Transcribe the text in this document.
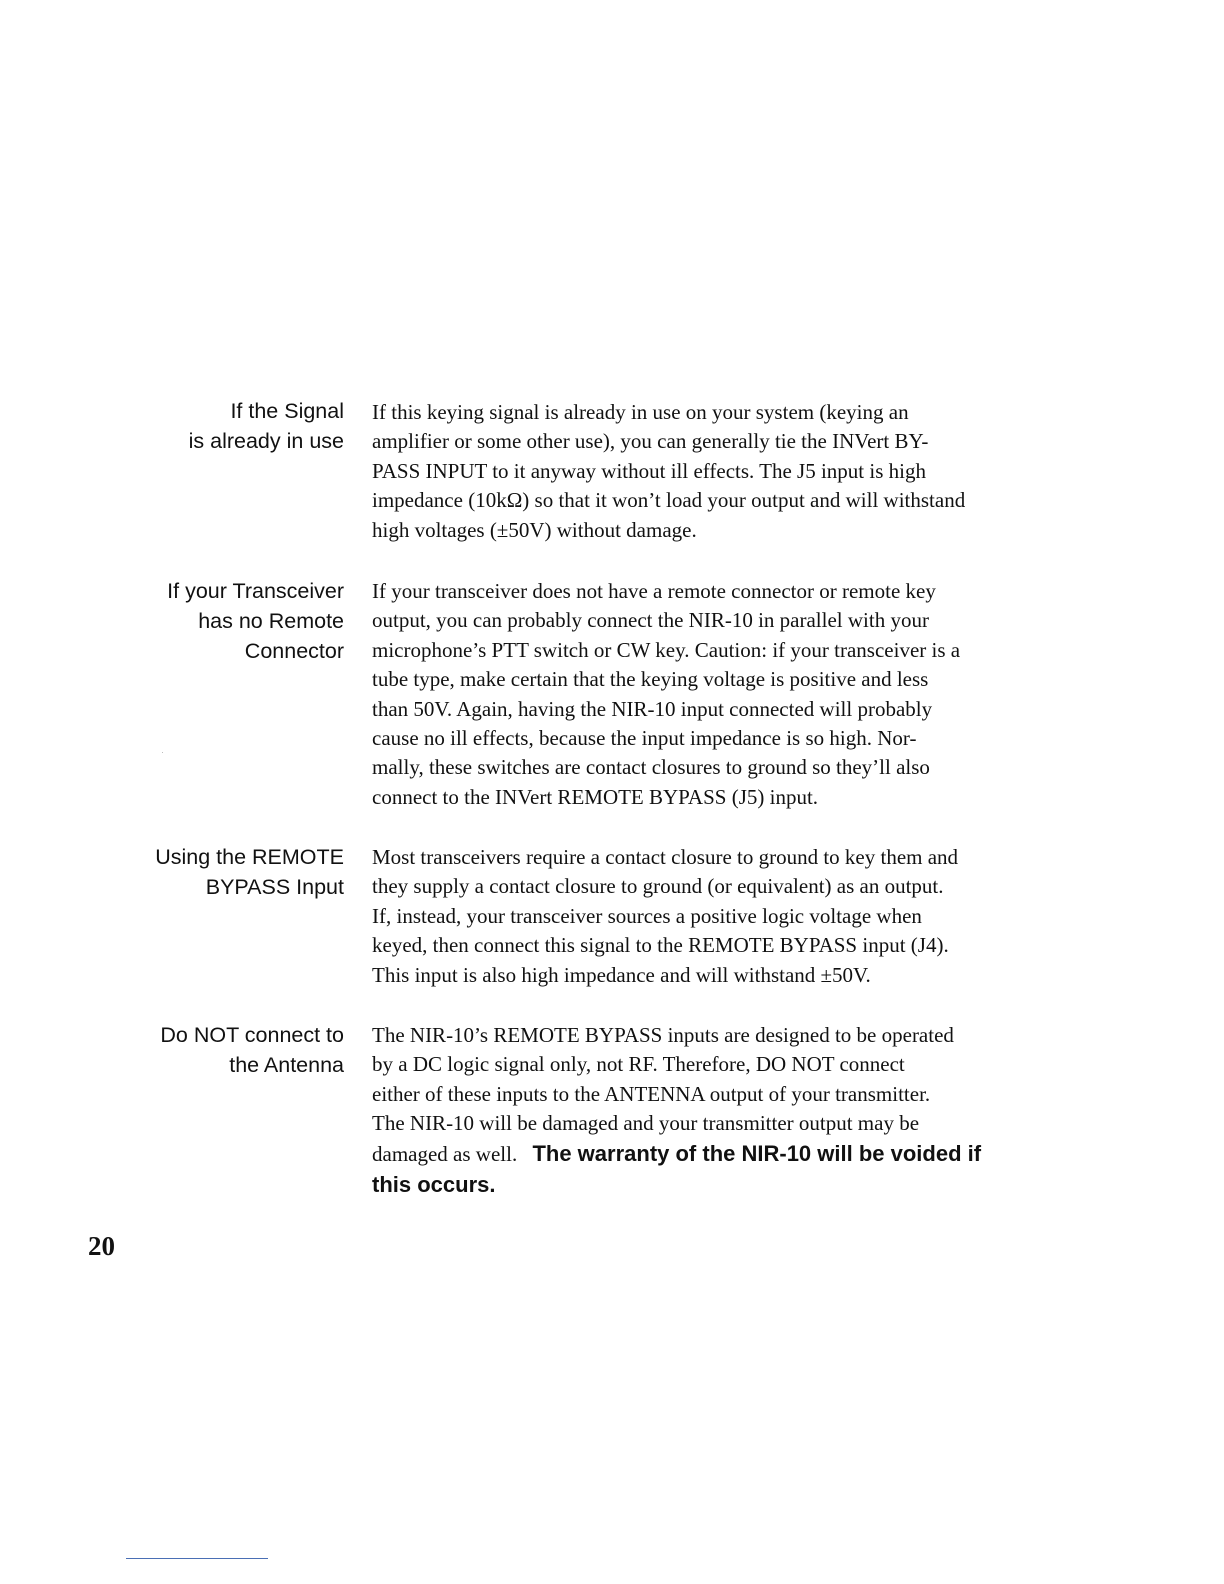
If the Signal
is already in use
If this keying signal is already in use on your system (keying an
amplifier or some other use), you can generally tie the INVert BY-
PASS INPUT to it anyway without ill effects. The J5 input is high
impedance (10kΩ) so that it won’t load your output and will withstand
high voltages (±50V) without damage.
If your Transceiver
has no Remote
Connector
If your transceiver does not have a remote connector or remote key
output, you can probably connect the NIR-10 in parallel with your
microphone’s PTT switch or CW key. Caution: if your transceiver is a
tube type, make certain that the keying voltage is positive and less
than 50V. Again, having the NIR-10 input connected will probably
cause no ill effects, because the input impedance is so high. Nor-
mally, these switches are contact closures to ground so they’ll also
connect to the INVert REMOTE BYPASS (J5) input.
Using the REMOTE
BYPASS Input
Most transceivers require a contact closure to ground to key them and
they supply a contact closure to ground (or equivalent) as an output.
If, instead, your transceiver sources a positive logic voltage when
keyed, then connect this signal to the REMOTE BYPASS input (J4).
This input is also high impedance and will withstand ±50V.
Do NOT connect to
the Antenna
The NIR-10’s REMOTE BYPASS inputs are designed to be operated
by a DC logic signal only, not RF. Therefore, DO NOT connect
either of these inputs to the ANTENNA output of your transmitter.
The NIR-10 will be damaged and your transmitter output may be
damaged as well. The warranty of the NIR-10 will be voided if
this occurs.
20
